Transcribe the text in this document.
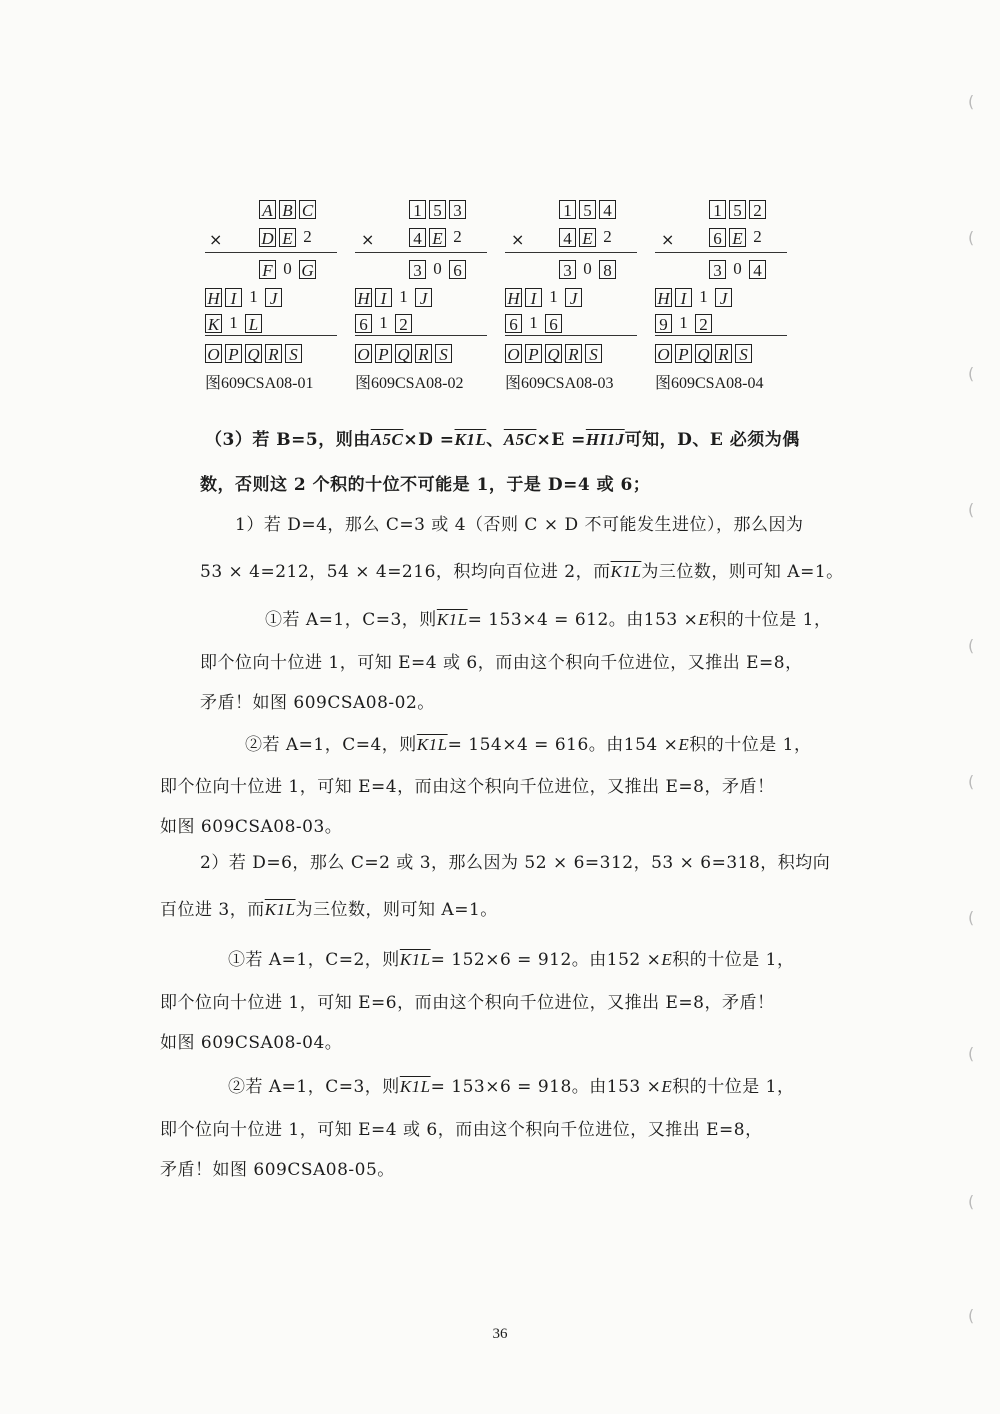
(
(
(
(
(
(
(
(
(
(
A B C
D E 2
F 0 G
H I 1 J
K 1 L
O P Q R S
×
图609CSA08-01
1 5 3
4 E 2
3 0 6
H I 1 J
6 1 2
O P Q R S
×
图609CSA08-02
1 5 4
4 E 2
3 0 8
H I 1 J
6 1 6
O P Q R S
×
图609CSA08-03
1 5 2
6 E 2
3 0 4
H I 1 J
9 1 2
O P Q R S
×
图609CSA08-04
（3）若 B=5，则由A5C×D =K1L、A5C×E =HI1J可知，D、E 必须为偶
数，否则这 2 个积的十位不可能是 1，于是 D=4 或 6；
1）若 D=4，那么 C=3 或 4（否则 C × D 不可能发生进位），那么因为
53 × 4=212，54 × 4=216，积均向百位进 2，而K1L为三位数，则可知 A=1。
①若 A=1，C=3，则K1L= 153×4 = 612。由153 ×E积的十位是 1，
即个位向十位进 1，可知 E=4 或 6，而由这个积向千位进位，又推出 E=8，
矛盾！如图 609CSA08-02。
②若 A=1，C=4，则K1L= 154×4 = 616。由154 ×E积的十位是 1，
即个位向十位进 1，可知 E=4，而由这个积向千位进位，又推出 E=8，矛盾！
如图 609CSA08-03。
2）若 D=6，那么 C=2 或 3，那么因为 52 × 6=312，53 × 6=318，积均向
百位进 3，而K1L为三位数，则可知 A=1。
①若 A=1，C=2，则K1L= 152×6 = 912。由152 ×E积的十位是 1，
即个位向十位进 1，可知 E=6，而由这个积向千位进位，又推出 E=8，矛盾！
如图 609CSA08-04。
②若 A=1，C=3，则K1L= 153×6 = 918。由153 ×E积的十位是 1，
即个位向十位进 1，可知 E=4 或 6，而由这个积向千位进位，又推出 E=8，
矛盾！如图 609CSA08-05。
36
